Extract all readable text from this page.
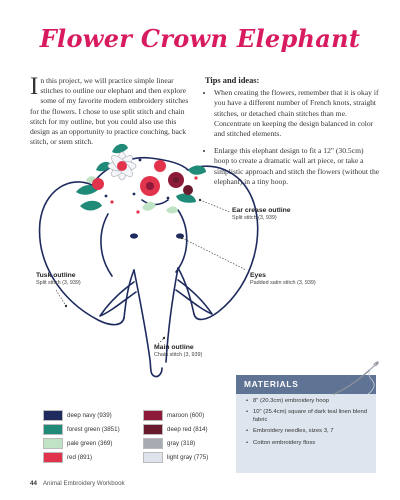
Flower Crown Elephant
In this project, we will practice simple linear stitches to outline our elephant and then explore some of my favorite modern embroidery stitches for the flowers. I chose to use split stitch and chain stitch for my outline, but you could also use this design as an opportunity to practice couching, back stitch, or stem stitch.
Tips and ideas:
• When creating the flowers, remember that it is okay if you have a different number of French knots, straight stitches, or detached chain stitches than me. Concentrate on keeping the design balanced in color and stitched elements.
• Enlarge this elephant design to fit a 12" (30.5cm) hoop to create a dramatic wall art piece, or take a simplistic approach and stitch the flowers (without the elephant) in a tiny hoop.
Ear crease outline
Split stitch (3, 939)
Eyes
Padded satin stitch (3, 939)
Tusk outline
Split stitch (3, 939)
Main outline
Chain stitch (3, 939)
deep navy (939)	maroon (600)
forest green (3851)	deep red (814)
pale green (369)	gray (318)
red (891)	light gray (775)
MATERIALS
• 8" (20.3cm) embroidery hoop
• 10" (25.4cm) square of dark teal linen blend fabric
• Embroidery needles, sizes 3, 7
• Cotton embroidery floss
44 Animal Embroidery Workbook
